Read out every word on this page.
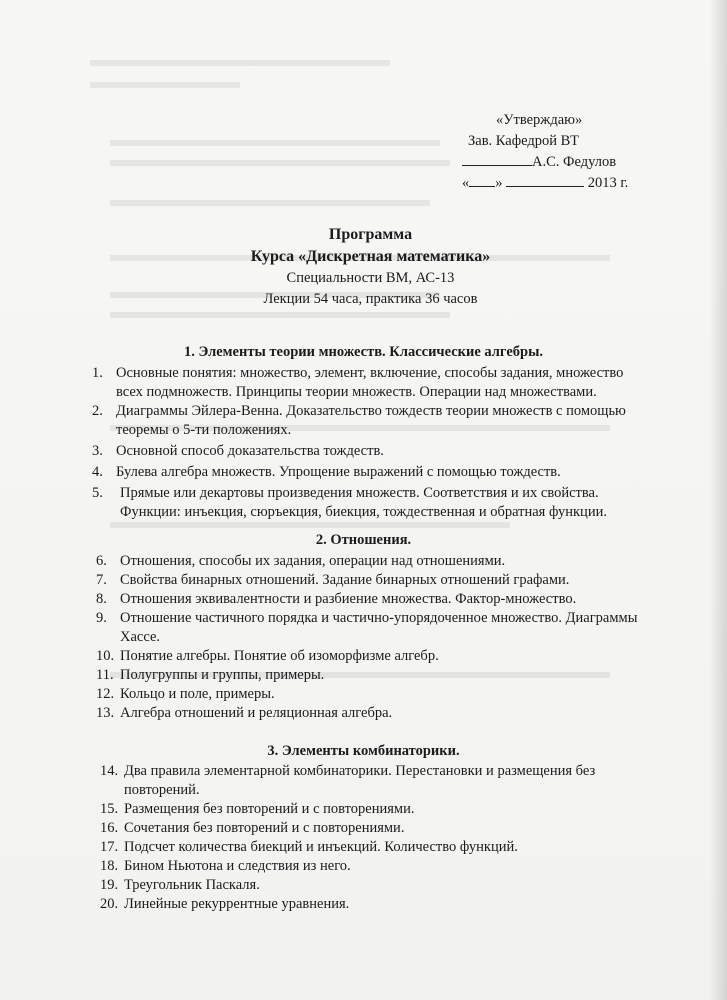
«Утверждаю»
Зав. Кафедрой ВТ
А.С. Федулов
« »	2013 г.
Программа
Курса «Дискретная математика»
Специальности ВМ, АС-13
Лекции 54 часа, практика 36 часов
1. Элементы теории множеств. Классические алгебры.
1. Основные понятия: множество, элемент, включение, способы задания, множество
всех подмножеств. Принципы теории множеств. Операции над множествами.
2. Диаграммы Эйлера-Венна. Доказательство тождеств теории множеств с помощью
теоремы о 5-ти положениях.
3. Основной способ доказательства тождеств.
4. Булева алгебра множеств. Упрощение выражений с помощью тождеств.
5.	Прямые или декартовы произведения множеств. Соответствия и их свойства.
Функции: инъекция, сюръекция, биекция, тождественная и обратная функции.
2. Отношения.
6. Отношения, способы их задания, операции над отношениями.
7. Свойства бинарных отношений. Задание бинарных отношений графами.
8. Отношения эквивалентности и разбиение множества. Фактор-множество.
9. Отношение частичного порядка и частично-упорядоченное множество. Диаграммы
Хассе.
10. Понятие алгебры. Понятие об изоморфизме алгебр.
11. Полугруппы и группы, примеры.
12. Кольцо и поле, примеры.
13. Алгебра отношений и реляционная алгебра.
3. Элементы комбинаторики.
14. Два правила элементарной комбинаторики. Перестановки и размещения без
повторений.
15. Размещения без повторений и с повторениями.
16. Сочетания без повторений и с повторениями.
17. Подсчет количества биекций и инъекций. Количество функций.
18. Бином Ньютона и следствия из него.
19. Треугольник Паскаля.
20. Линейные рекуррентные уравнения.
